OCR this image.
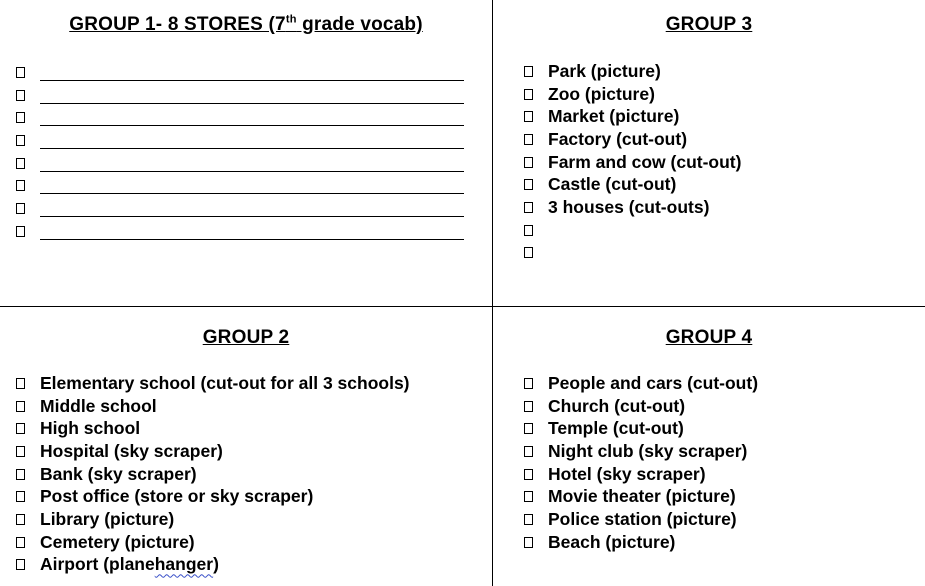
GROUP 1- 8 STORES (7th grade vocab)	GROUP 3
Park (picture)
Zoo (picture)
Market (picture)
Factory (cut-out)
Farm and cow (cut-out)
Castle (cut-out)
3 houses (cut-outs)
GROUP 2
Elementary school (cut-out for all 3 schools)
Middle school
High school
Hospital (sky scraper)
Bank (sky scraper)
Post office (store or sky scraper)
Library (picture)
Cemetery (picture)
Airport (plane hanger )
GROUP 4
People and cars (cut-out)
Church (cut-out)
Temple (cut-out)
Night club (sky scraper)
Hotel (sky scraper)
Movie theater (picture)
Police station (picture)
Beach (picture)
